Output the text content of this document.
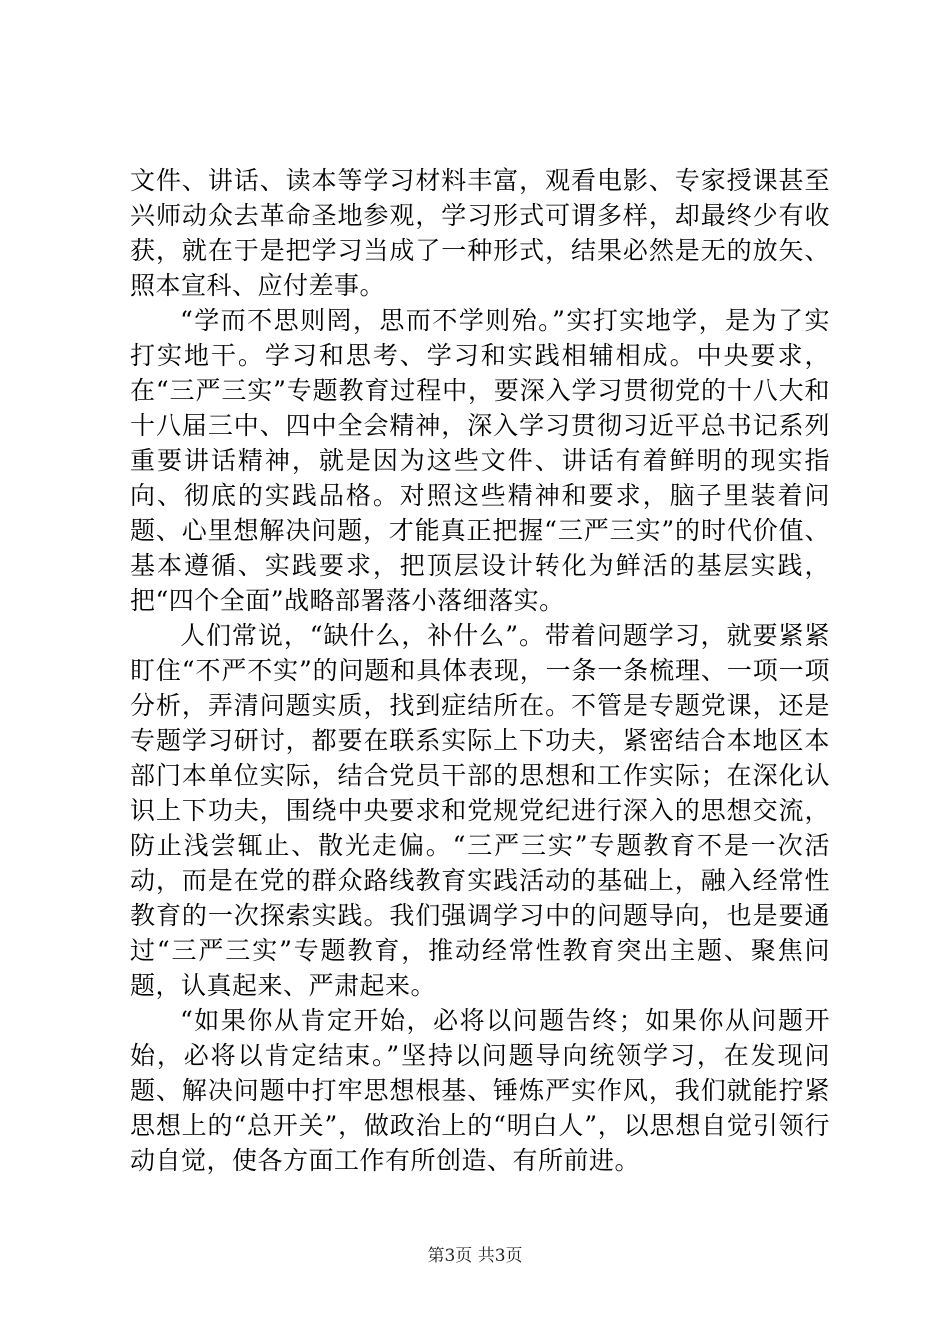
文件、讲话、读本等学习材料丰富，观看电影、专家授课甚至兴师动众去革命圣地参观，学习形式可谓多样，却最终少有收获，就在于是把学习当成了一种形式，结果必然是无的放矢、照本宣科、应付差事。

“学而不思则罔，思而不学则殆。”实打实地学，是为了实打实地干。学习和思考、学习和实践相辅相成。中央要求，在“三严三实”专题教育过程中，要深入学习贯彻党的十八大和十八届三中、四中全会精神，深入学习贯彻习近平总书记系列重要讲话精神，就是因为这些文件、讲话有着鲜明的现实指向、彻底的实践品格。对照这些精神和要求，脑子里装着问题、心里想解决问题，才能真正把握“三严三实”的时代价值、基本遵循、实践要求，把顶层设计转化为鲜活的基层实践，把“四个全面”战略部署落小落细落实。

人们常说，“缺什么，补什么”。带着问题学习，就要紧紧盯住“不严不实”的问题和具体表现，一条一条梳理、一项一项分析，弄清问题实质，找到症结所在。不管是专题党课，还是专题学习研讨，都要在联系实际上下功夫，紧密结合本地区本部门本单位实际，结合党员干部的思想和工作实际；在深化认识上下功夫，围绕中央要求和党规党纪进行深入的思想交流，防止浅尝辄止、散光走偏。“三严三实”专题教育不是一次活动，而是在党的群众路线教育实践活动的基础上，融入经常性教育的一次探索实践。我们强调学习中的问题导向，也是要通过“三严三实”专题教育，推动经常性教育突出主题、聚焦问题，认真起来、严肃起来。

“如果你从肯定开始，必将以问题告终；如果你从问题开始，必将以肯定结束。”坚持以问题导向统领学习，在发现问题、解决问题中打牢思想根基、锤炼严实作风，我们就能拧紧思想上的“总开关”，做政治上的“明白人”，以思想自觉引领行动自觉，使各方面工作有所创造、有所前进。

第3页 共3页
